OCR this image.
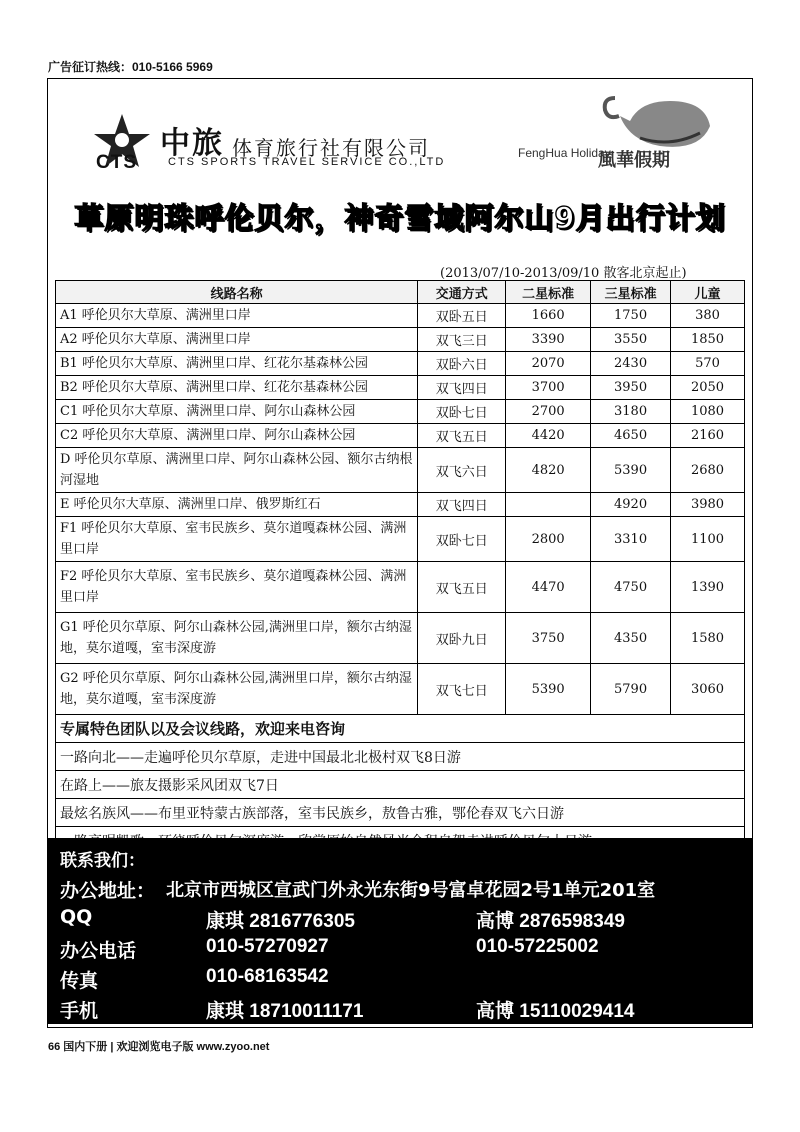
广告征订热线：010-5166 5969
CTS
中旅 体育旅行社有限公司
CTS SPORTS TRAVEL SERVICE CO.,LTD
FengHua Holiday
風華假期
草原明珠呼伦贝尔，神奇雪域阿尔山9月出行计划
(2013/07/10-2013/09/10 散客北京起止)
线路名称	交通方式	二星标准	三星标准	儿童
A1 呼伦贝尔大草原、满洲里口岸	双卧五日	1660	1750	380
A2 呼伦贝尔大草原、满洲里口岸	双飞三日	3390	3550	1850
B1 呼伦贝尔大草原、满洲里口岸、红花尔基森林公园	双卧六日	2070	2430	570
B2 呼伦贝尔大草原、满洲里口岸、红花尔基森林公园	双飞四日	3700	3950	2050
C1 呼伦贝尔大草原、满洲里口岸、阿尔山森林公园	双卧七日	2700	3180	1080
C2 呼伦贝尔大草原、满洲里口岸、阿尔山森林公园	双飞五日	4420	4650	2160
D 呼伦贝尔草原、满洲里口岸、阿尔山森林公园、额尔古纳根河湿地	双飞六日	4820	5390	2680
E 呼伦贝尔大草原、满洲里口岸、俄罗斯红石	双飞四日		4920	3980
F1 呼伦贝尔大草原、室韦民族乡、莫尔道嘎森林公园、满洲里口岸	双卧七日	2800	3310	1100
F2 呼伦贝尔大草原、室韦民族乡、莫尔道嘎森林公园、满洲里口岸	双飞五日	4470	4750	1390
G1 呼伦贝尔草原、阿尔山森林公园,满洲里口岸，额尔古纳湿地，莫尔道嘎，室韦深度游	双卧九日	3750	4350	1580
G2 呼伦贝尔草原、阿尔山森林公园,满洲里口岸，额尔古纳湿地，莫尔道嘎，室韦深度游	双飞七日	5390	5790	3060
专属特色团队以及会议线路，欢迎来电咨询				
一路向北——走遍呼伦贝尔草原，走进中国最北北极村双飞8日游				
在路上——旅友摄影采风团双飞7日				
最炫名族风——布里亚特蒙古族部落，室韦民族乡，敖鲁古雅，鄂伦春双飞六日游				

联系我们：
办公地址： 北京市西城区宣武门外永光东街9号富卓花园2号1单元201室
QQ	康琪 2816776305	高博 2876598349
办公电话	010-57270927	010-57225002
传真	010-68163542
手机	康琪 18710011171	高博 15110029414
66 国内下册 | 欢迎浏览电子版 www.zyoo.net
